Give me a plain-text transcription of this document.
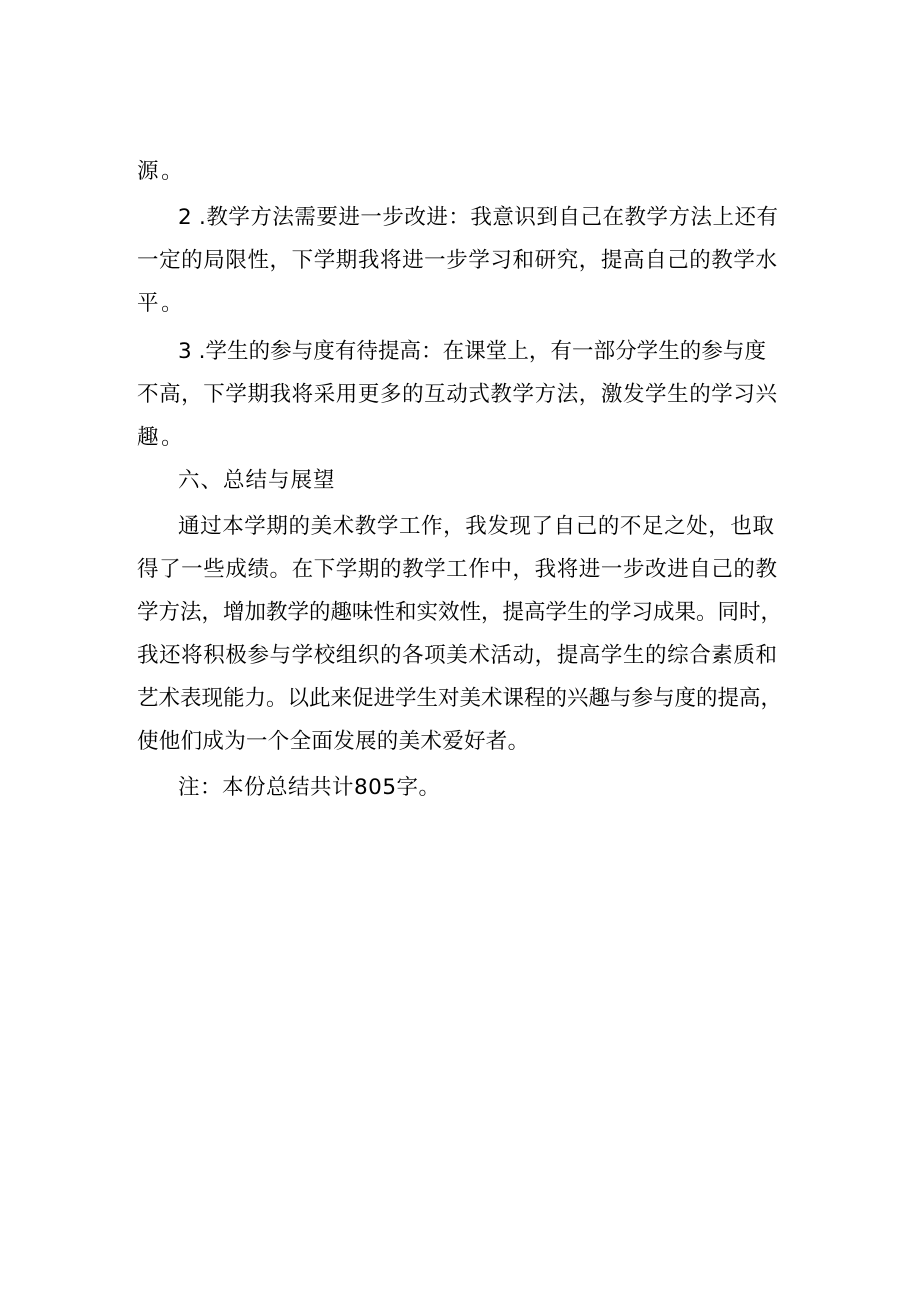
源。
2 .教学方法需要进一步改进：我意识到自己在教学方法上还有
一定的局限性，下学期我将进一步学习和研究，提高自己的教学水
平。
3 .学生的参与度有待提高：在课堂上，有一部分学生的参与度
不高，下学期我将采用更多的互动式教学方法，激发学生的学习兴
趣。
六、总结与展望
通过本学期的美术教学工作，我发现了自己的不足之处，也取
得了一些成绩。在下学期的教学工作中，我将进一步改进自己的教
学方法，增加教学的趣味性和实效性，提高学生的学习成果。同时，
我还将积极参与学校组织的各项美术活动，提高学生的综合素质和
艺术表现能力。以此来促进学生对美术课程的兴趣与参与度的提高，
使他们成为一个全面发展的美术爱好者。
注：本份总结共计805字。
